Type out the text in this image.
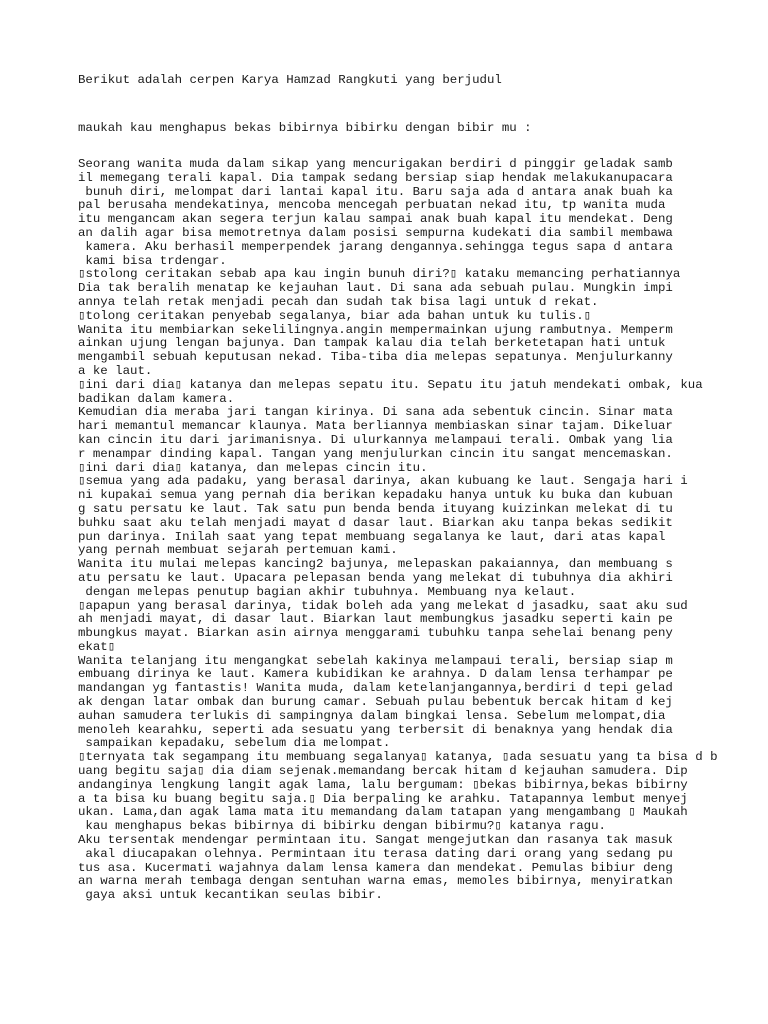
Berikut adalah cerpen Karya Hamzad Rangkuti yang berjudul

maukah kau menghapus bekas bibirnya bibirku dengan bibir mu :

Seorang wanita muda dalam sikap yang mencurigakan berdiri d pinggir geladak samb
il memegang terali kapal. Dia tampak sedang bersiap siap hendak melakukanupacara
bunuh diri, melompat dari lantai kapal itu. Baru saja ada d antara anak buah ka
pal berusaha mendekatinya, mencoba mencegah perbuatan nekad itu, tp wanita muda
itu mengancam akan segera terjun kalau sampai anak buah kapal itu mendekat. Deng
an dalih agar bisa memotretnya dalam posisi sempurna kudekati dia sambil membawa
kamera. Aku berhasil memperpendek jarang dengannya.sehingga tegus sapa d antara
kami bisa trdengar.
▯stolong ceritakan sebab apa kau ingin bunuh diri?▯ kataku memancing perhatiannya
Dia tak beralih menatap ke kejauhan laut. Di sana ada sebuah pulau. Mungkin impi
annya telah retak menjadi pecah dan sudah tak bisa lagi untuk d rekat.
▯tolong ceritakan penyebab segalanya, biar ada bahan untuk ku tulis.▯
Wanita itu membiarkan sekelilingnya.angin mempermainkan ujung rambutnya. Memperm
ainkan ujung lengan bajunya. Dan tampak kalau dia telah berketetapan hati untuk
mengambil sebuah keputusan nekad. Tiba-tiba dia melepas sepatunya. Menjulurkanny
a ke laut.
▯ini dari dia▯ katanya dan melepas sepatu itu. Sepatu itu jatuh mendekati ombak, kua
badikan dalam kamera.
Kemudian dia meraba jari tangan kirinya. Di sana ada sebentuk cincin. Sinar mata
hari memantul memancar klaunya. Mata berliannya membiaskan sinar tajam. Dikeluar
kan cincin itu dari jarimanisnya. Di ulurkannya melampaui terali. Ombak yang lia
r menampar dinding kapal. Tangan yang menjulurkan cincin itu sangat mencemaskan.
▯ini dari dia▯ katanya, dan melepas cincin itu.
▯semua yang ada padaku, yang berasal darinya, akan kubuang ke laut. Sengaja hari i
ni kupakai semua yang pernah dia berikan kepadaku hanya untuk ku buka dan kubuan
g satu persatu ke laut. Tak satu pun benda benda ituyang kuizinkan melekat di tu
buhku saat aku telah menjadi mayat d dasar laut. Biarkan aku tanpa bekas sedikit
pun darinya. Inilah saat yang tepat membuang segalanya ke laut, dari atas kapal
yang pernah membuat sejarah pertemuan kami.
Wanita itu mulai melepas kancing2 bajunya, melepaskan pakaiannya, dan membuang s
atu persatu ke laut. Upacara pelepasan benda yang melekat di tubuhnya dia akhiri
dengan melepas penutup bagian akhir tubuhnya. Membuang nya kelaut.
▯apapun yang berasal darinya, tidak boleh ada yang melekat d jasadku, saat aku sud
ah menjadi mayat, di dasar laut. Biarkan laut membungkus jasadku seperti kain pe
mbungkus mayat. Biarkan asin airnya menggarami tubuhku tanpa sehelai benang peny
ekat▯
Wanita telanjang itu mengangkat sebelah kakinya melampaui terali, bersiap siap m
embuang dirinya ke laut. Kamera kubidikan ke arahnya. D dalam lensa terhampar pe
mandangan yg fantastis! Wanita muda, dalam ketelanjangannya,berdiri d tepi gelad
ak dengan latar ombak dan burung camar. Sebuah pulau bebentuk bercak hitam d kej
auhan samudera terlukis di sampingnya dalam bingkai lensa. Sebelum melompat,dia
menoleh kearahku, seperti ada sesuatu yang terbersit di benaknya yang hendak dia
sampaikan kepadaku, sebelum dia melompat.
▯ternyata tak segampang itu membuang segalanya▯ katanya, ▯ada sesuatu yang ta bisa d b
uang begitu saja▯ dia diam sejenak.memandang bercak hitam d kejauhan samudera. Dip
andanginya lengkung langit agak lama, lalu bergumam: ▯bekas bibirnya,bekas bibirny
a ta bisa ku buang begitu saja.▯ Dia berpaling ke arahku. Tatapannya lembut menyej
ukan. Lama,dan agak lama mata itu memandang dalam tatapan yang mengambang ▯ Maukah
kau menghapus bekas bibirnya di bibirku dengan bibirmu?▯ katanya ragu.
Aku tersentak mendengar permintaan itu. Sangat mengejutkan dan rasanya tak masuk
akal diucapakan olehnya. Permintaan itu terasa dating dari orang yang sedang pu
tus asa. Kucermati wajahnya dalam lensa kamera dan mendekat. Pemulas bibiur deng
an warna merah tembaga dengan sentuhan warna emas, memoles bibirnya, menyiratkan
gaya aksi untuk kecantikan seulas bibir.
